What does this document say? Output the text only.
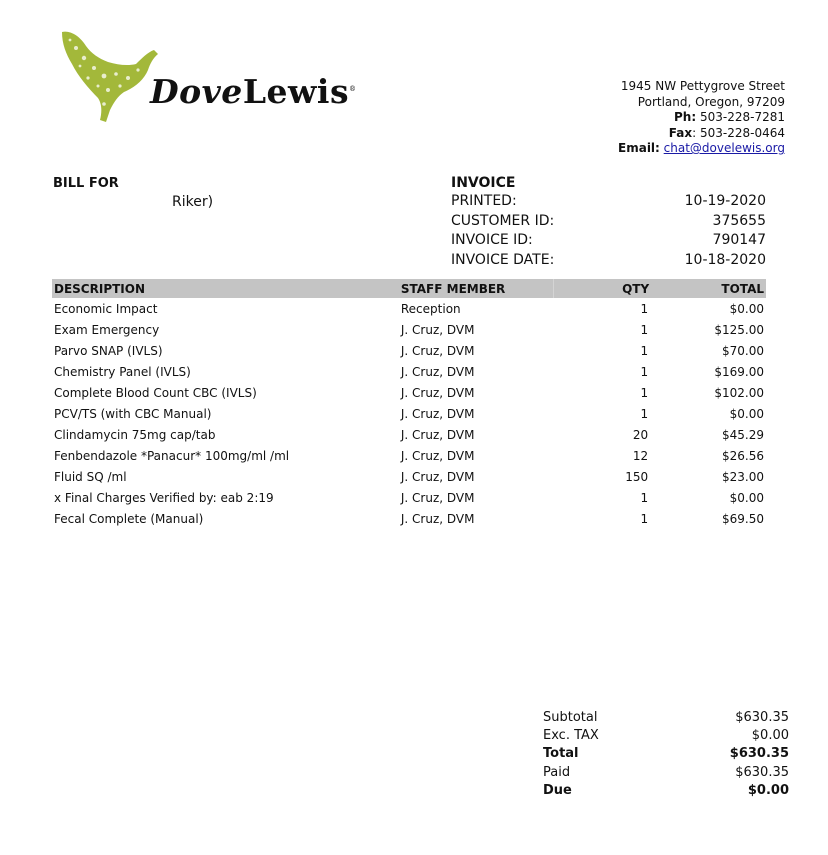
DoveLewis®	1945 NW Pettygrove Street
Portland, Oregon, 97209
Ph: 503-228-7281
Fax: 503-228-0464
Email: chat@dovelewis.org
BILL FOR
Riker)
INVOICE
PRINTED:	10-19-2020
CUSTOMER ID:	375655
INVOICE ID:	790147
INVOICE DATE:	10-18-2020
DESCRIPTION	STAFF MEMBER	QTY	TOTAL
Economic Impact	Reception	1	$0.00
Exam Emergency	J. Cruz, DVM	1	$125.00
Parvo SNAP (IVLS)	J. Cruz, DVM	1	$70.00
Chemistry Panel (IVLS)	J. Cruz, DVM	1	$169.00
Complete Blood Count CBC (IVLS)	J. Cruz, DVM	1	$102.00
PCV/TS (with CBC Manual)	J. Cruz, DVM	1	$0.00
Clindamycin 75mg cap/tab	J. Cruz, DVM	20	$45.29
Fenbendazole *Panacur* 100mg/ml /ml	J. Cruz, DVM	12	$26.56
Fluid SQ /ml	J. Cruz, DVM	150	$23.00
x Final Charges Verified by: eab 2:19	J. Cruz, DVM	1	$0.00
Fecal Complete (Manual)	J. Cruz, DVM	1	$69.50
Subtotal	$630.35
Exc. TAX	$0.00
Total	$630.35
Paid	$630.35
Due	$0.00
